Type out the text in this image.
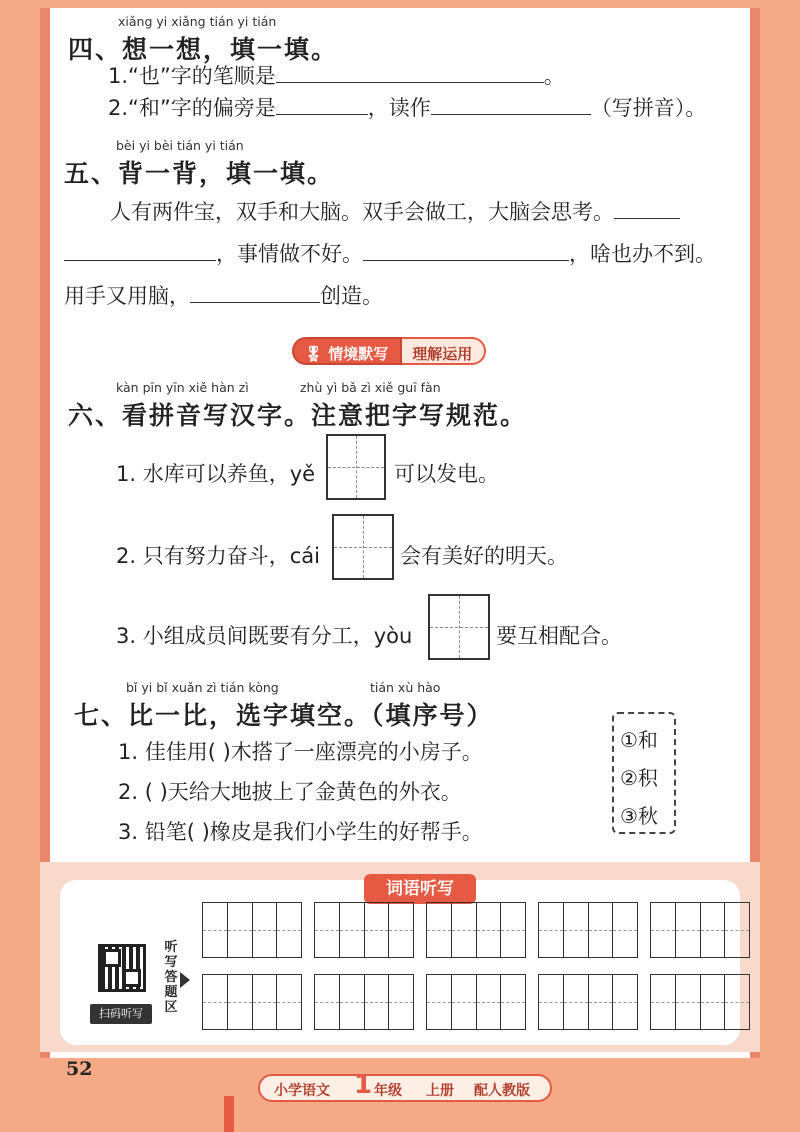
xiǎng yi xiǎng tián yi tián
四、想一想，填一填。
1.“也”字的笔顺是	。
2.“和”字的偏旁是	，读作	（写拼音）。
bèi yi bèi tián yi tián
五、背一背，填一填。
人有两件宝，双手和大脑。双手会做工，大脑会思考。
，事情做不好。	，啥也办不到。
用手又用脑，	创造。
🎖 情境默写	理解运用
kàn pīn yīn xiě hàn zì	zhù yì bǎ zì xiě guī fàn
六、看拼音写汉字。注意把字写规范。
1. 水库可以养鱼，yě	可以发电。
2. 只有努力奋斗，cái	会有美好的明天。
3. 小组成员间既要有分工，yòu	要互相配合。
bǐ yi bǐ xuǎn zì tián kòng	tián xù hào
七、比一比，选字填空。（填序号）
1. 佳佳用( )木搭了一座漂亮的小房子。
2. ( )天给大地披上了金黄色的外衣。
3. 铅笔( )橡皮是我们小学生的好帮手。
①和
②积
③秋
词语听写
扫码听写
听写答题区
52
小学语文 1 年级 上册 配人教版
